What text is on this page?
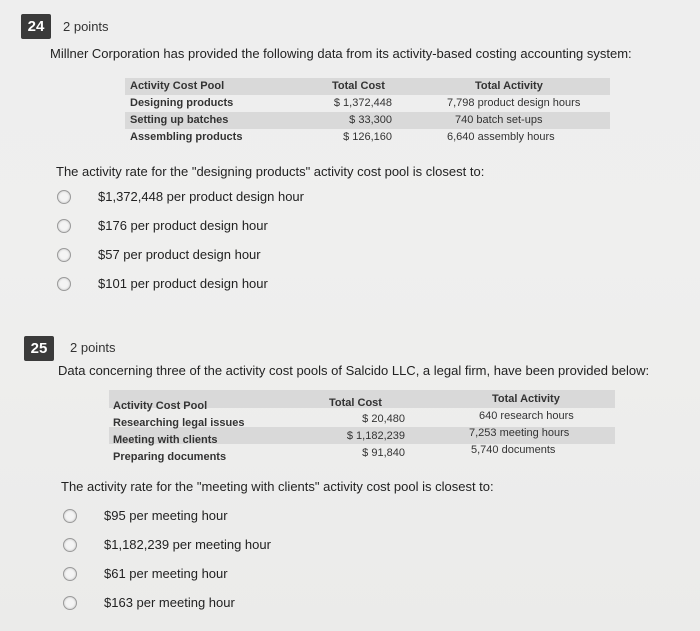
24	2 points
Millner Corporation has provided the following data from its activity-based costing accounting system:
Activity Cost Pool	Total Cost	Total Activity
Designing products	$ 1,372,448	7,798 product design hours
Setting up batches	$ 33,300	740 batch set-ups
Assembling products	$ 126,160	6,640 assembly hours
The activity rate for the "designing products" activity cost pool is closest to:
$1,372,448 per product design hour
$176 per product design hour
$57 per product design hour
$101 per product design hour
25	2 points
Data concerning three of the activity cost pools of Salcido LLC, a legal firm, have been provided below:
Activity Cost Pool	Total Cost	Total Activity
Researching legal issues	$ 20,480	640 research hours
Meeting with clients	$ 1,182,239	7,253 meeting hours
Preparing documents	$ 91,840	5,740 documents
The activity rate for the "meeting with clients" activity cost pool is closest to:
$95 per meeting hour
$1,182,239 per meeting hour
$61 per meeting hour
$163 per meeting hour
